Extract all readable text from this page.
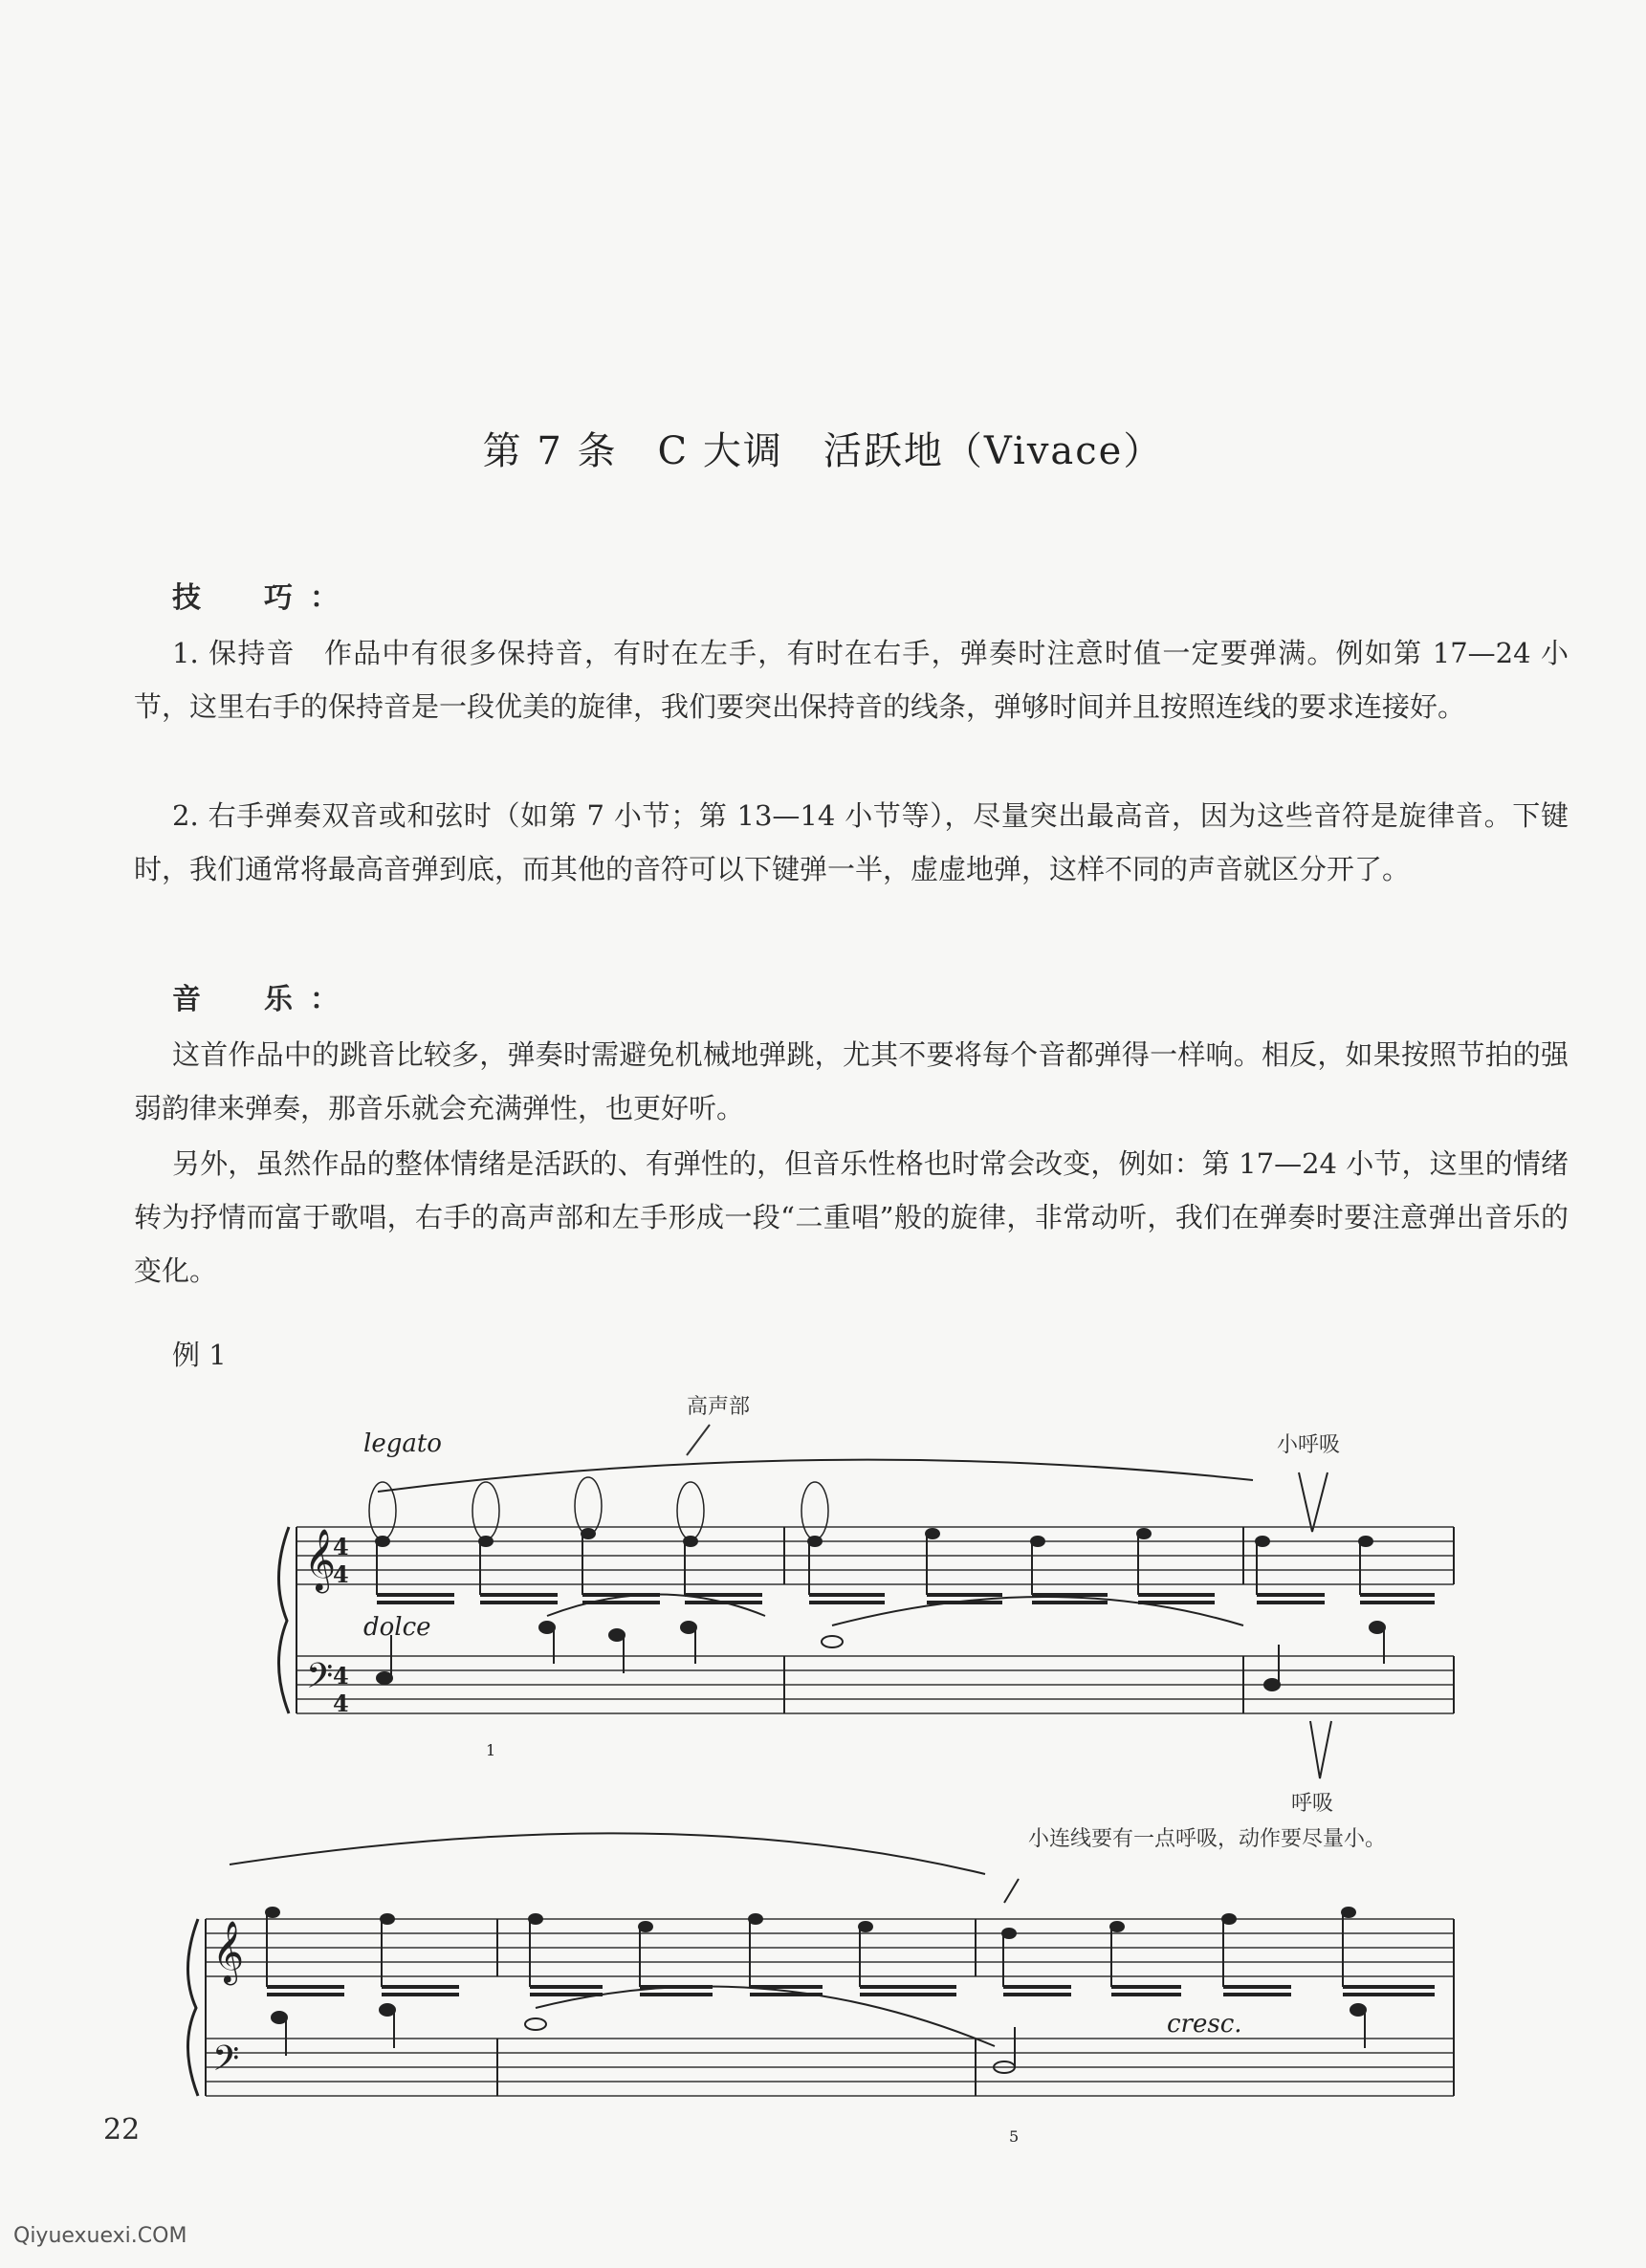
第 7 条　C 大调　活跃地（Vivace）
技　巧：
1. 保持音　作品中有很多保持音，有时在左手，有时在右手，弹奏时注意时值一定要弹满。例如第 17—24 小节，这里右手的保持音是一段优美的旋律，我们要突出保持音的线条，弹够时间并且按照连线的要求连接好。
2. 右手弹奏双音或和弦时（如第 7 小节；第 13—14 小节等），尽量突出最高音，因为这些音符是旋律音。下键时，我们通常将最高音弹到底，而其他的音符可以下键弹一半，虚虚地弹，这样不同的声音就区分开了。
音　乐：
这首作品中的跳音比较多，弹奏时需避免机械地弹跳，尤其不要将每个音都弹得一样响。相反，如果按照节拍的强弱韵律来弹奏，那音乐就会充满弹性，也更好听。
另外，虽然作品的整体情绪是活跃的、有弹性的，但音乐性格也时常会改变，例如：第 17—24 小节，这里的情绪转为抒情而富于歌唱，右手的高声部和左手形成一段“二重唱”般的旋律，非常动听，我们在弹奏时要注意弹出音乐的变化。
例 1
高声部
legato	小呼吸
𝄞
𝄢
4
4
4
4
dolce
1
呼吸
小连线要有一点呼吸，动作要尽量小。
𝄞
𝄢
cresc.
5
22
Qiyuexuexi.COM
